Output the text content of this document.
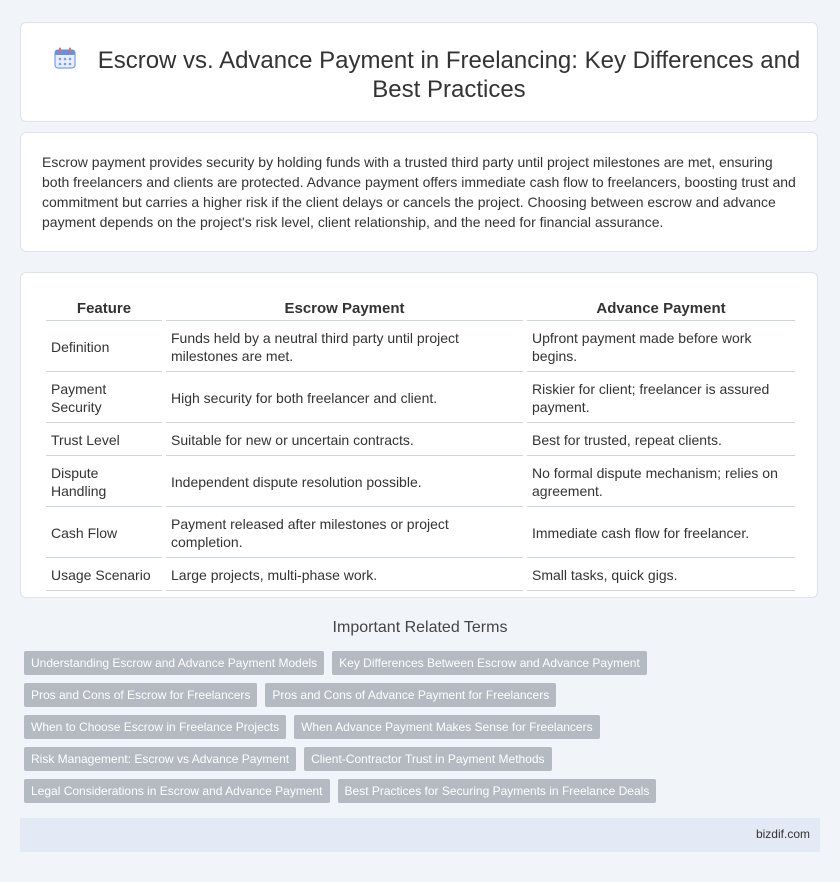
Escrow vs. Advance Payment in Freelancing: Key Differences and Best Practices

Escrow payment provides security by holding funds with a trusted third party until project milestones are met, ensuring both freelancers and clients are protected. Advance payment offers immediate cash flow to freelancers, boosting trust and commitment but carries a higher risk if the client delays or cancels the project. Choosing between escrow and advance payment depends on the project's risk level, client relationship, and the need for financial assurance.

Feature	Escrow Payment	Advance Payment
Definition	Funds held by a neutral third party until project milestones are met.	Upfront payment made before work begins.
Payment Security	High security for both freelancer and client.	Riskier for client; freelancer is assured payment.
Trust Level	Suitable for new or uncertain contracts.	Best for trusted, repeat clients.
Dispute Handling	Independent dispute resolution possible.	No formal dispute mechanism; relies on agreement.
Cash Flow	Payment released after milestones or project completion.	Immediate cash flow for freelancer.
Usage Scenario	Large projects, multi-phase work.	Small tasks, quick gigs.
Important Related Terms
Understanding Escrow and Advance Payment Models	Key Differences Between Escrow and Advance Payment
Pros and Cons of Escrow for Freelancers	Pros and Cons of Advance Payment for Freelancers
When to Choose Escrow in Freelance Projects	When Advance Payment Makes Sense for Freelancers
Risk Management: Escrow vs Advance Payment	Client-Contractor Trust in Payment Methods
Legal Considerations in Escrow and Advance Payment	Best Practices for Securing Payments in Freelance Deals
bizdif.com
